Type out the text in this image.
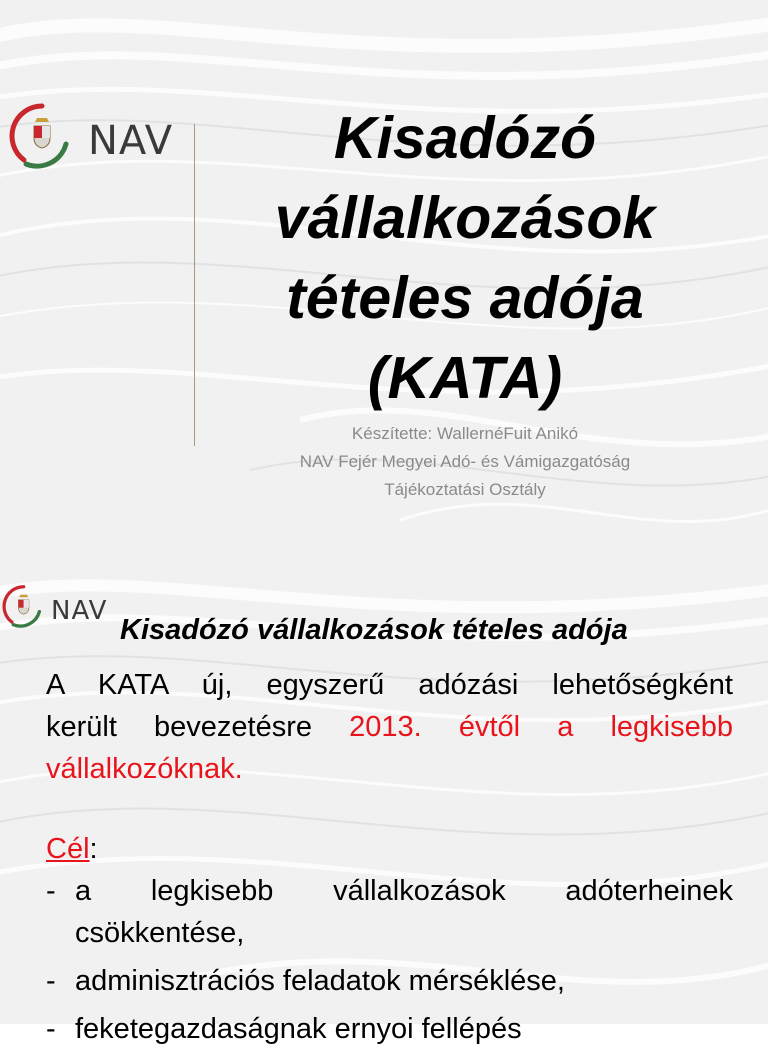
NAV	Kisadózó
vállalkozások
tételes adója
(KATA)
Készítette: WallernéFuit Anikó
NAV Fejér Megyei Adó- és Vámigazgatóság
Tájékoztatási Osztály
NAV
Kisadózó vállalkozások tételes adója
A KATA új, egyszerű adózási lehetőségként
került bevezetésre 2013. évtől a legkisebb
vállalkozóknak.
Cél:
- a legkisebb vállalkozások adóterheinek
csökkentése,
- adminisztrációs feladatok mérséklése,
- feketegazdaságnak ernyoi fellépés
